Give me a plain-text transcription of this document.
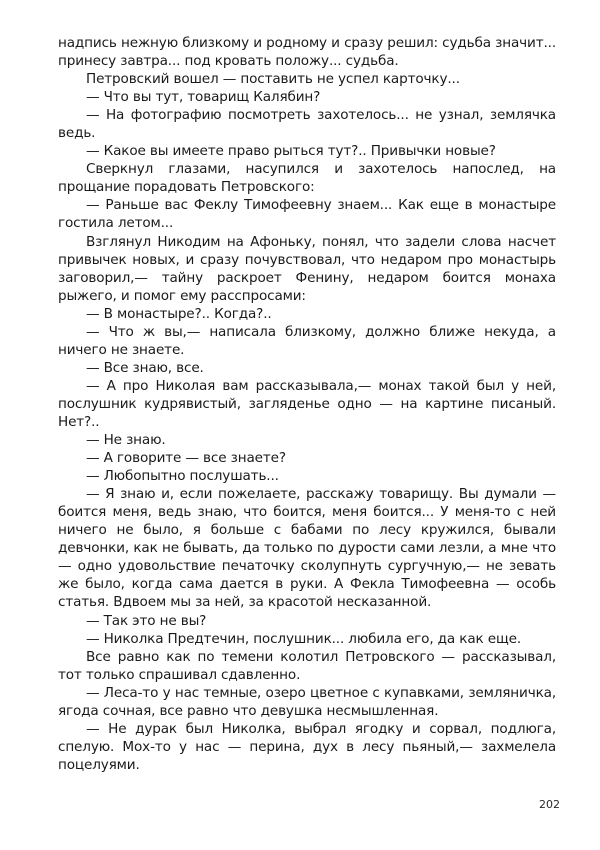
надпись нежную близкому и родному и сразу решил: судьба значит... принесу завтра... под кровать положу... судьба.

Петровский вошел — поставить не успел карточку...

— Что вы тут, товарищ Калябин?

— На фотографию посмотреть захотелось... не узнал, землячка ведь.

— Какое вы имеете право рыться тут?.. Привычки новые?

Сверкнул глазами, насупился и захотелось напослед, на прощание порадовать Петровского:

— Раньше вас Феклу Тимофеевну знаем... Как еще в монастыре гостила летом...

Взглянул Никодим на Афоньку, понял, что задели слова насчет привычек новых, и сразу почувствовал, что недаром про монастырь заговорил,— тайну раскроет Фенину, недаром боится монаха рыжего, и помог ему расспросами:

— В монастыре?.. Когда?..

— Что ж вы,— написала близкому, должно ближе некуда, а ничего не знаете.

— Все знаю, все.

— А про Николая вам рассказывала,— монах такой был у ней, послушник кудрявистый, загляденье одно — на картине писаный. Нет?..

— Не знаю.

— А говорите — все знаете?

— Любопытно послушать...

— Я знаю и, если пожелаете, расскажу товарищу. Вы думали — боится меня, ведь знаю, что боится, меня боится... У меня-то с ней ничего не было, я больше с бабами по лесу кружился, бывали девчонки, как не бывать, да только по дурости сами лезли, а мне что — одно удовольствие печаточку сколупнуть сургучную,— не зевать же было, когда сама дается в руки. А Фекла Тимофеевна — особь статья. Вдвоем мы за ней, за красотой несказанной.

— Так это не вы?

— Николка Предтечин, послушник... любила его, да как еще.

Все равно как по темени колотил Петровского — рассказывал, тот только спрашивал сдавленно.

— Леса-то у нас темные, озеро цветное с купавками, земляничка, ягода сочная, все равно что девушка несмышленная.

— Не дурак был Николка, выбрал ягодку и сорвал, подлюга, спелую. Мох-то у нас — перина, дух в лесу пьяный,— захмелела поцелуями.

202
